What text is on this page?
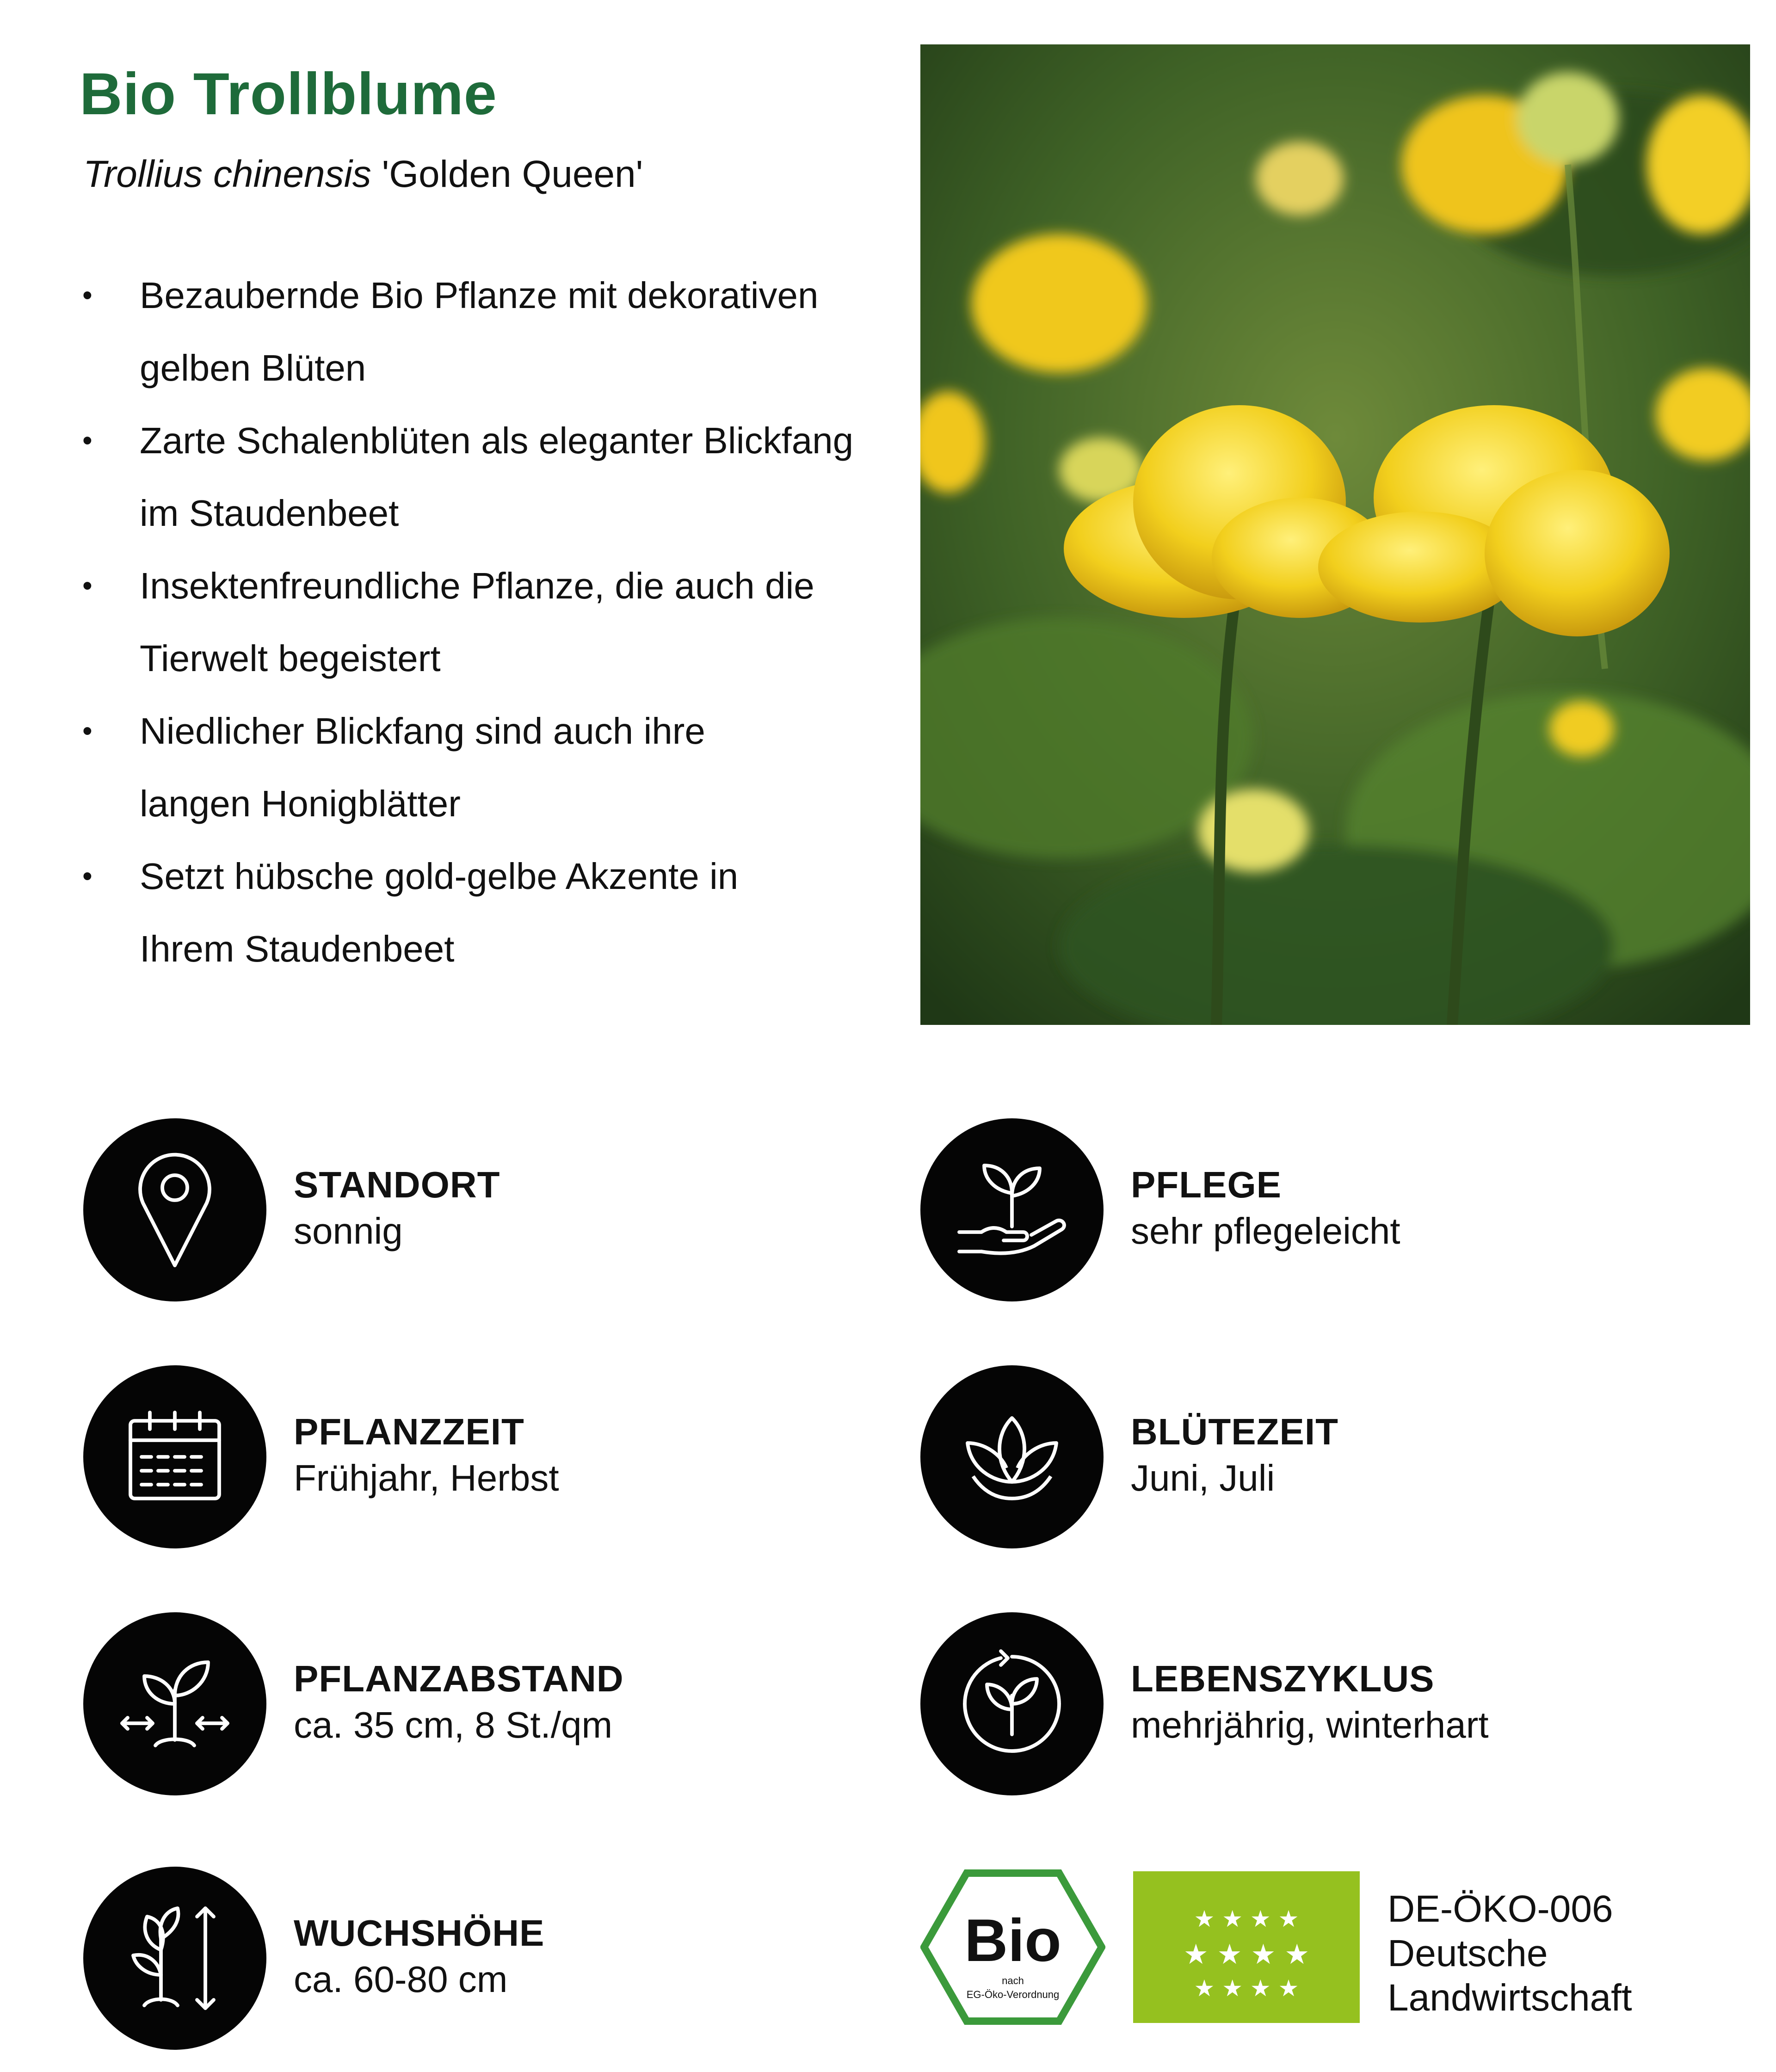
Bio Trollblume
Trollius chinensis 'Golden Queen'
• Bezaubernde Bio Pflanze mit dekorativen
gelben Blüten
• Zarte Schalenblüten als eleganter Blickfang
im Staudenbeet
• Insektenfreundliche Pflanze, die auch die
Tierwelt begeistert
• Niedlicher Blickfang sind auch ihre
langen Honigblätter
• Setzt hübsche gold-gelbe Akzente in
Ihrem Staudenbeet
STANDORT
sonnig
PFLEGE
sehr pflegeleicht
PFLANZZEIT
Frühjahr, Herbst
BLÜTEZEIT
Juni, Juli
PFLANZABSTAND
ca. 35 cm, 8 St./qm
LEBENSZYKLUS
mehrjährig, winterhart
WUCHSHÖHE
ca. 60-80 cm
Bio
nach
EG-Öko-Verordnung
★ ★ ★ ★
★ ★ ★ ★
★ ★ ★ ★
DE-ÖKO-006
Deutsche
Landwirtschaft
